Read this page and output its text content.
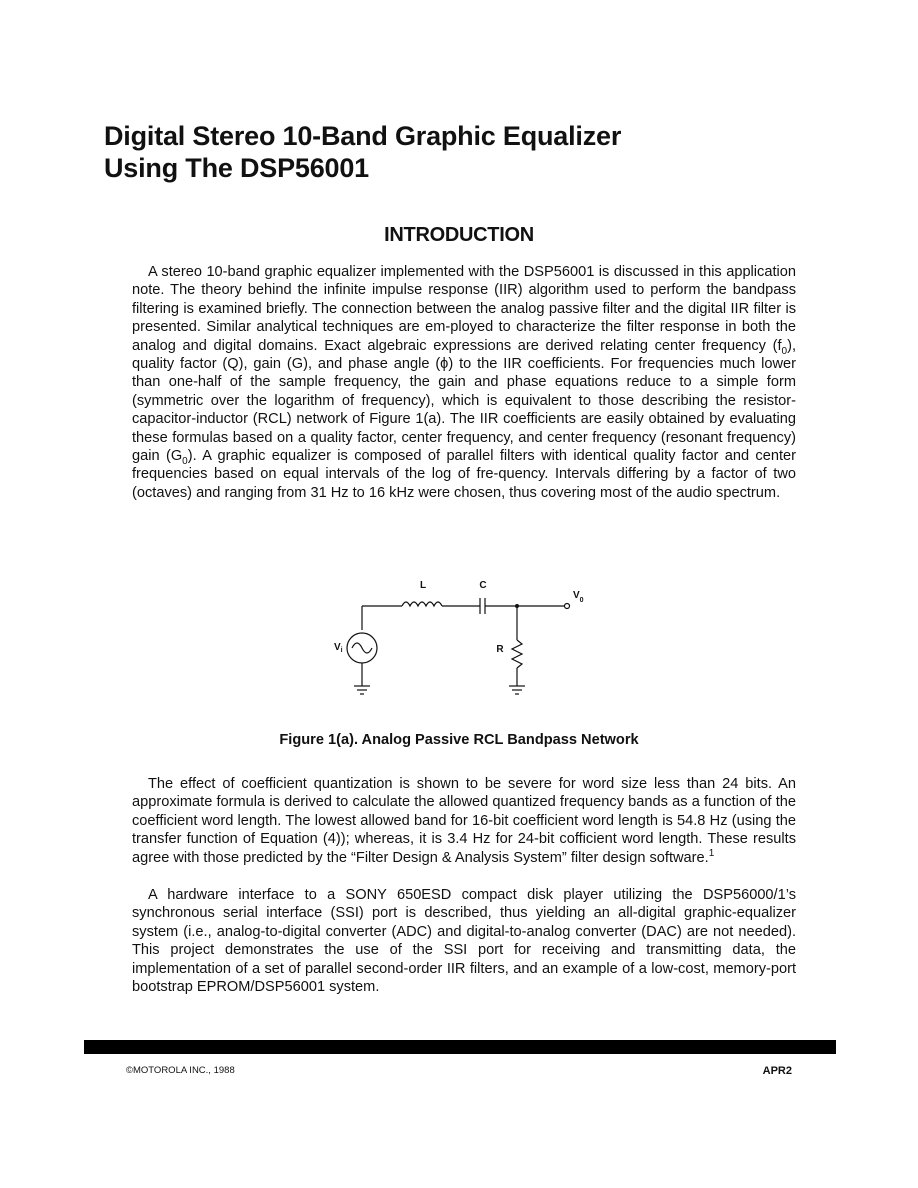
Digital Stereo 10-Band Graphic Equalizer
Using The DSP56001
INTRODUCTION

A stereo 10-band graphic equalizer implemented with the DSP56001 is discussed in this application note. The theory behind the infinite impulse response (IIR) algorithm used to perform the bandpass filtering is examined briefly. The connection between the analog passive filter and the digital IIR filter is presented. Similar analytical techniques are em-ployed to characterize the filter response in both the analog and digital domains. Exact algebraic expressions are derived relating center frequency $(f_0)$, quality factor (Q), gain (G), and phase angle (ϕ) to the IIR coefficients. For frequencies much lower than one-half of the sample frequency, the gain and phase equations reduce to a simple form (symmetric over the logarithm of frequency), which is equivalent to those describing the resistor-capacitor-inductor (RCL) network of Figure 1(a). The IIR coefficients are easily obtained by evaluating these formulas based on a quality factor, center frequency, and center frequency (resonant frequency) gain $(G_0)$. A graphic equalizer is composed of parallel filters with identical quality factor and center frequencies based on equal intervals of the log of fre-quency. Intervals differing by a factor of two (octaves) and ranging from 31 Hz to 16 kHz were chosen, thus covering most of the audio spectrum.

L	C
R
$V_i$
$V_0$

Figure 1(a). Analog Passive RCL Bandpass Network

The effect of coefficient quantization is shown to be severe for word size less than 24 bits. An approximate formula is derived to calculate the allowed quantized frequency bands as a function of the coefficient word length. The lowest allowed band for 16-bit coefficient word length is 54.8 Hz (using the transfer function of Equation (4)); whereas, it is 3.4 Hz for 24-bit cofficient word length. These results agree with those predicted by the “Filter Design & Analysis System” filter design software.$^1$

A hardware interface to a SONY 650ESD compact disk player utilizing the DSP56000/1’s synchronous serial interface (SSI) port is described, thus yielding an all-digital graphic-equalizer system (i.e., analog-to-digital converter (ADC) and digital-to-analog converter (DAC) are not needed). This project demonstrates the use of the SSI port for receiving and transmitting data, the implementation of a set of parallel second-order IIR filters, and an example of a low-cost, memory-port bootstrap EPROM/DSP56001 system.

©MOTOROLA INC., 1988	APR2
